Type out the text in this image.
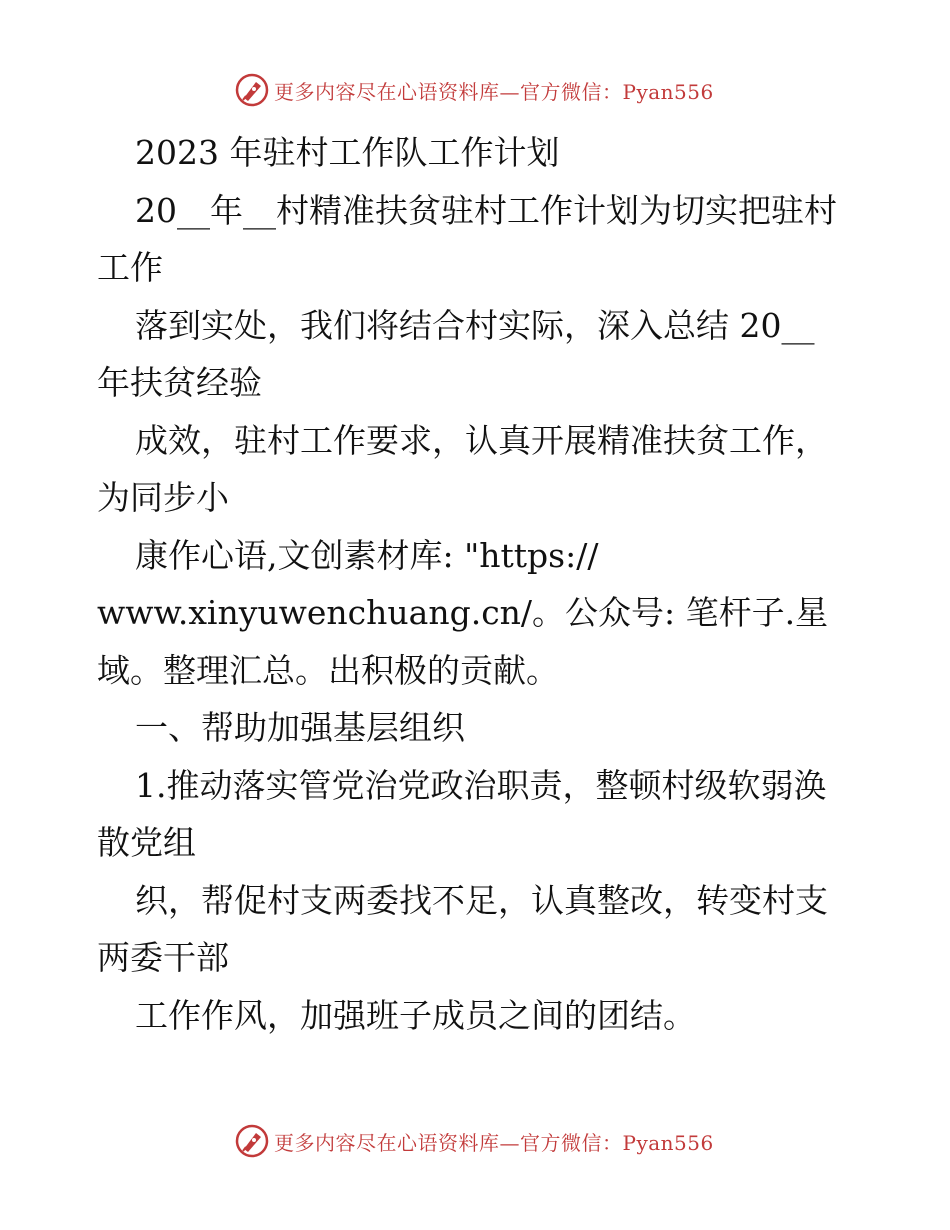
更多内容尽在心语资料库—官方微信：Pyan556

2023 年驻村工作队工作计划

20__年__村精准扶贫驻村工作计划为切实把驻村

工作

落到实处，我们将结合村实际，深入总结 20__

年扶贫经验

成效，驻村工作要求，认真开展精准扶贫工作，

为同步小

康作心语,文创素材库: "https://

www.xinyuwenchuang.cn/。公众号: 笔杆子.星

域。整理汇总。出积极的贡献。

一、帮助加强基层组织

1.推动落实管党治党政治职责，整顿村级软弱涣

散党组

织，帮促村支两委找不足，认真整改，转变村支

两委干部

工作作风，加强班子成员之间的团结。

更多内容尽在心语资料库—官方微信：Pyan556
